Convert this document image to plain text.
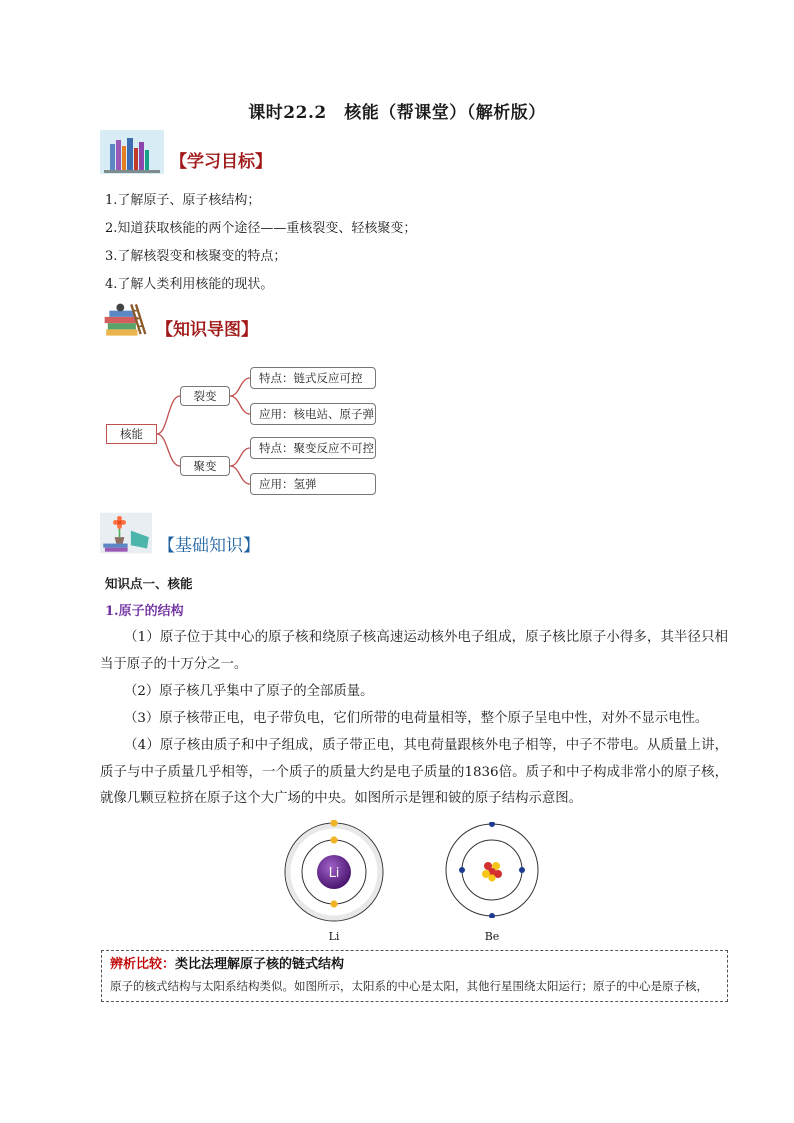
课时22.2　核能（帮课堂）（解析版）
【学习目标】
1.了解原子、原子核结构；
2.知道获取核能的两个途径——重核裂变、轻核聚变；
3.了解核裂变和核聚变的特点；
4.了解人类利用核能的现状。
【知识导图】
核能
裂变
聚变
特点：链式反应可控
应用：核电站、原子弹
特点：聚变反应不可控
应用：氢弹
【基础知识】
知识点一、核能
1.原子的结构

（1）原子位于其中心的原子核和绕原子核高速运动核外电子组成，原子核比原子小得多，其半径只相当于原子的十万分之一。

（2）原子核几乎集中了原子的全部质量。

（3）原子核带正电，电子带负电，它们所带的电荷量相等，整个原子呈电中性，对外不显示电性。

（4）原子核由质子和中子组成，质子带正电，其电荷量跟核外电子相等，中子不带电。从质量上讲，质子与中子质量几乎相等，一个质子的质量大约是电子质量的1836倍。质子和中子构成非常小的原子核，就像几颗豆粒挤在原子这个大广场的中央。如图所示是锂和铍的原子结构示意图。

Li
Li	Be
辨析比较：类比法理解原子核的链式结构
原子的核式结构与太阳系结构类似。如图所示，太阳系的中心是太阳，其他行星围绕太阳运行；原子的中心是原子核，
